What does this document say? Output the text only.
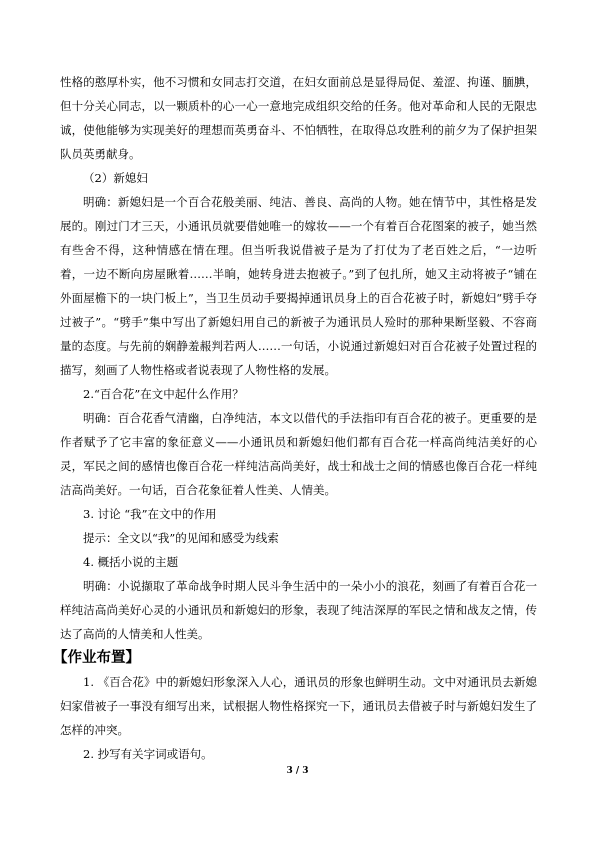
性格的憨厚朴实，他不习惯和女同志打交道，在妇女面前总是显得局促、羞涩、拘谨、腼腆，但十分关心同志，以一颗质朴的心一心一意地完成组织交给的任务。他对革命和人民的无限忠诚，使他能够为实现美好的理想而英勇奋斗、不怕牺牲，在取得总攻胜利的前夕为了保护担架队员英勇献身。

（2）新媳妇

明确：新媳妇是一个百合花般美丽、纯洁、善良、高尚的人物。她在情节中，其性格是发展的。刚过门才三天，小通讯员就要借她唯一的嫁妆——一个有着百合花图案的被子，她当然有些舍不得，这种情感在情在理。但当听我说借被子是为了打仗为了老百姓之后，“一边听着，一边不断向房屋瞅着……半晌，她转身进去抱被子。”到了包扎所，她又主动将被子“铺在外面屋檐下的一块门板上”，当卫生员动手要揭掉通讯员身上的百合花被子时，新媳妇“劈手夺过被子”。“劈手”集中写出了新媳妇用自己的新被子为通讯员人殓时的那种果断坚毅、不容商量的态度。与先前的娴静羞赧判若两人……一句话，小说通过新媳妇对百合花被子处置过程的描写，刻画了人物性格或者说表现了人物性格的发展。

2.“百合花”在文中起什么作用？

明确：百合花香气清幽，白净纯洁，本文以借代的手法指印有百合花的被子。更重要的是作者赋予了它丰富的象征意义——小通讯员和新媳妇他们都有百合花一样高尚纯洁美好的心灵，军民之间的感情也像百合花一样纯洁高尚美好，战士和战士之间的情感也像百合花一样纯洁高尚美好。一句话，百合花象征着人性美、人情美。

3. 讨论 “我”在文中的作用

提示：全文以“我”的见闻和感受为线索

4. 概括小说的主题

明确：小说撷取了革命战争时期人民斗争生活中的一朵小小的浪花，刻画了有着百合花一样纯洁高尚美好心灵的小通讯员和新媳妇的形象，表现了纯洁深厚的军民之情和战友之情，传达了高尚的人情美和人性美。

【作业布置】

1. 《百合花》中的新媳妇形象深入人心，通讯员的形象也鲜明生动。文中对通讯员去新媳妇家借被子一事没有细写出来，试根据人物性格探究一下，通讯员去借被子时与新媳妇发生了怎样的冲突。

2. 抄写有关字词或语句。

3 / 3
